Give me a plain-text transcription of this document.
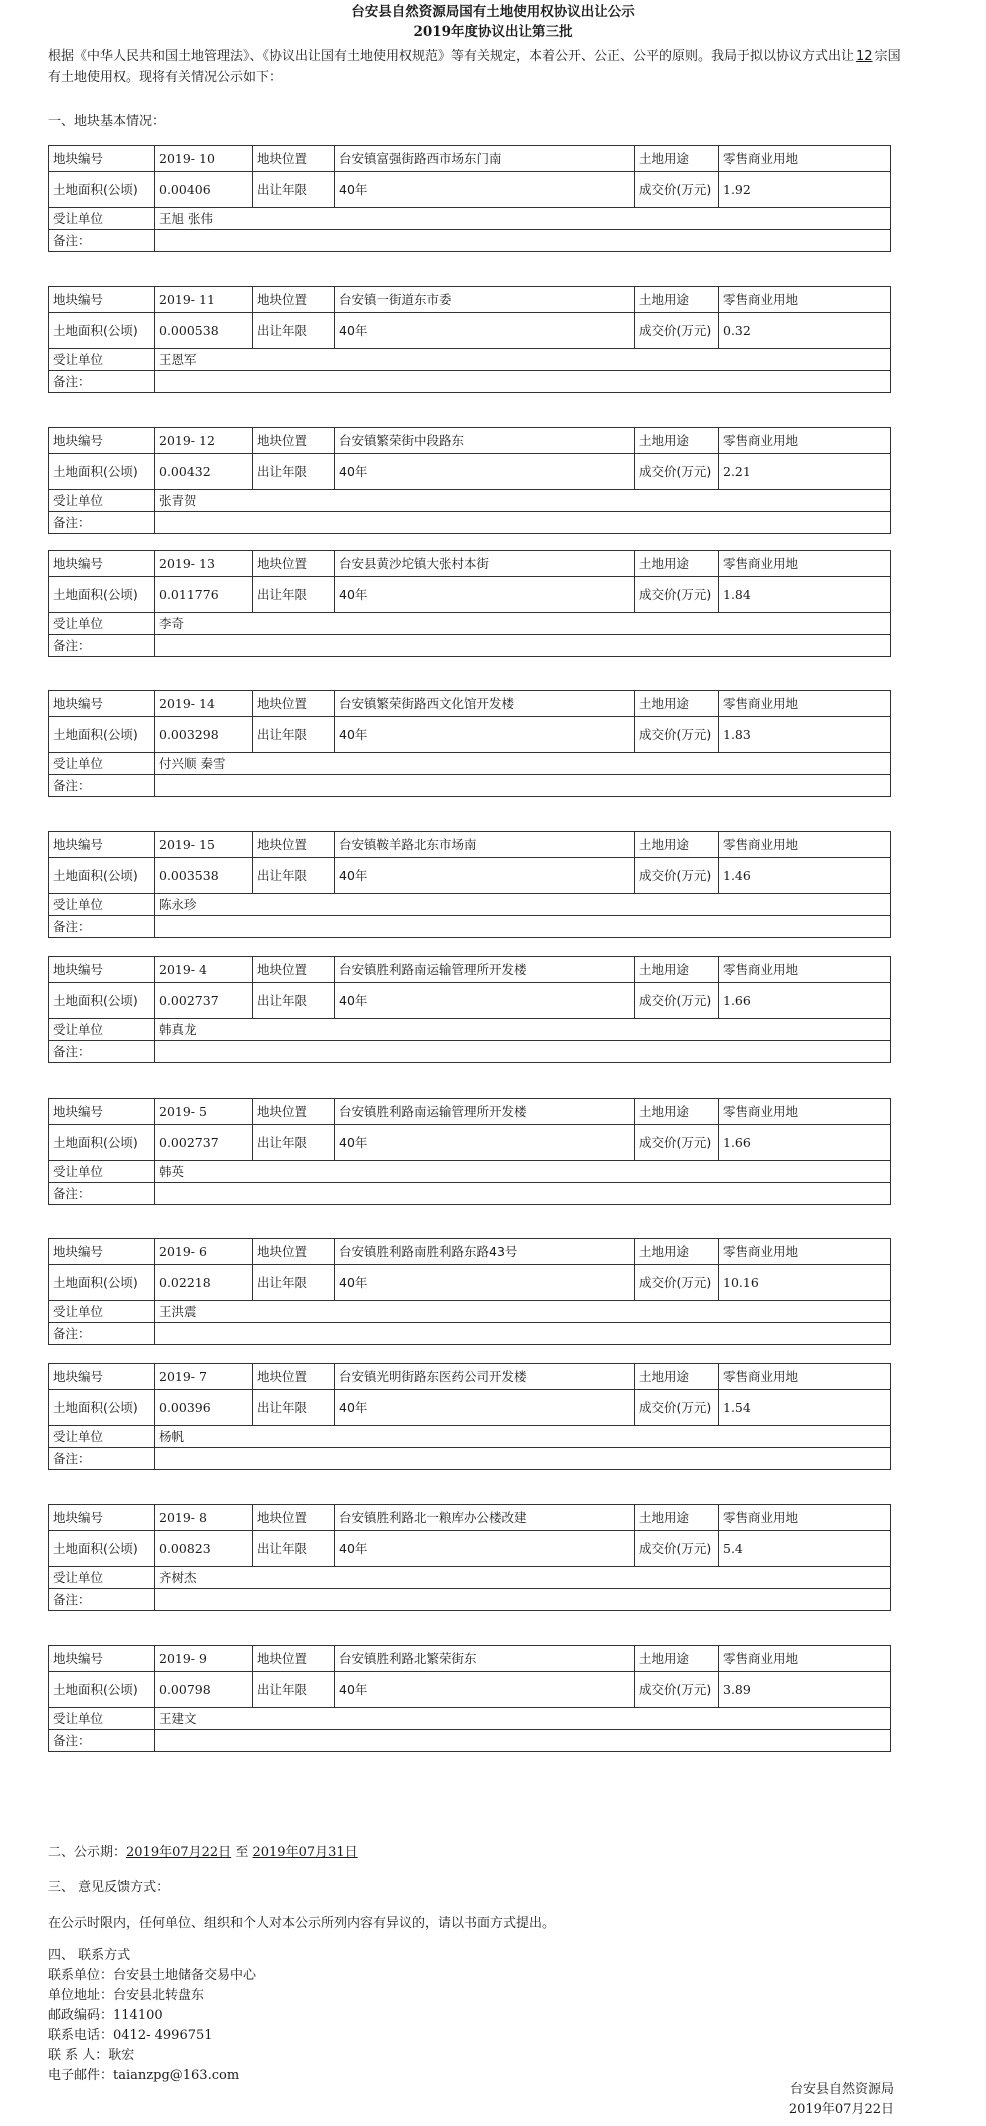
台安县自然资源局国有土地使用权协议出让公示
2019年度协议出让第三批
根据《中华人民共和国土地管理法》、《协议出让国有土地使用权规范》等有关规定，本着公开、公正、公平的原则。我局于拟以协议方式出让 12 宗国有土地使用权。现将有关情况公示如下：
一、地块基本情况：
地块编号	2019- 10	地块位置	台安镇富强街路西市场东门南	土地用途	零售商业用地
土地面积(公顷)	0.00406	出让年限	40年	成交价(万元)	1.92
受让单位	王旭 张伟				
备注：					
地块编号	2019- 11	地块位置	台安镇一街道东市委	土地用途	零售商业用地
土地面积(公顷)	0.000538	出让年限	40年	成交价(万元)	0.32
受让单位	王恩军				
备注：					
地块编号	2019- 12	地块位置	台安镇繁荣街中段路东	土地用途	零售商业用地
土地面积(公顷)	0.00432	出让年限	40年	成交价(万元)	2.21
受让单位	张青贺				
备注：					
地块编号	2019- 13	地块位置	台安县黄沙坨镇大张村本街	土地用途	零售商业用地
土地面积(公顷)	0.011776	出让年限	40年	成交价(万元)	1.84
受让单位	李奇				
备注：					
地块编号	2019- 14	地块位置	台安镇繁荣街路西文化馆开发楼	土地用途	零售商业用地
土地面积(公顷)	0.003298	出让年限	40年	成交价(万元)	1.83
受让单位	付兴顺 秦雪				
备注：					
地块编号	2019- 15	地块位置	台安镇鞍羊路北东市场南	土地用途	零售商业用地
土地面积(公顷)	0.003538	出让年限	40年	成交价(万元)	1.46
受让单位	陈永珍				
备注：					
地块编号	2019- 4	地块位置	台安镇胜利路南运输管理所开发楼	土地用途	零售商业用地
土地面积(公顷)	0.002737	出让年限	40年	成交价(万元)	1.66
受让单位	韩真龙				
备注：					
地块编号	2019- 5	地块位置	台安镇胜利路南运输管理所开发楼	土地用途	零售商业用地
土地面积(公顷)	0.002737	出让年限	40年	成交价(万元)	1.66
受让单位	韩英				
备注：					
地块编号	2019- 6	地块位置	台安镇胜利路南胜利路东路43号	土地用途	零售商业用地
土地面积(公顷)	0.02218	出让年限	40年	成交价(万元)	10.16
受让单位	王洪震				
备注：					
地块编号	2019- 7	地块位置	台安镇光明街路东医药公司开发楼	土地用途	零售商业用地
土地面积(公顷)	0.00396	出让年限	40年	成交价(万元)	1.54
受让单位	杨帆				
备注：					
地块编号	2019- 8	地块位置	台安镇胜利路北一粮库办公楼改建	土地用途	零售商业用地
土地面积(公顷)	0.00823	出让年限	40年	成交价(万元)	5.4
受让单位	齐树杰				
备注：					
地块编号	2019- 9	地块位置	台安镇胜利路北繁荣街东	土地用途	零售商业用地
土地面积(公顷)	0.00798	出让年限	40年	成交价(万元)	3.89
受让单位	王建文				
备注：					
二、公示期：2019年07月22日 至 2019年07月31日
三、 意见反馈方式：
在公示时限内，任何单位、组织和个人对本公示所列内容有异议的，请以书面方式提出。
四、 联系方式
联系单位：台安县土地储备交易中心
单位地址：台安县北转盘东
邮政编码：114100
联系电话：0412- 4996751
联 系 人：耿宏
电子邮件：taianzpg@163.com
台安县自然资源局
2019年07月22日
